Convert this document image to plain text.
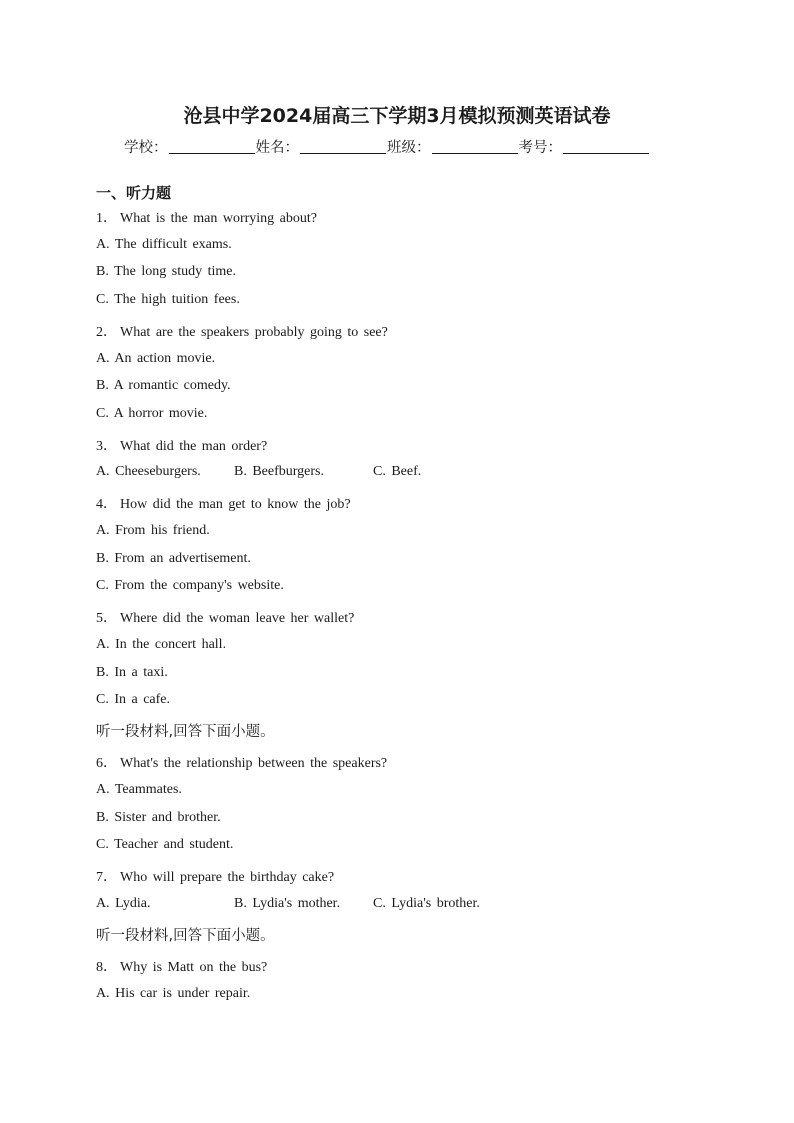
沧县中学2024届高三下学期3月模拟预测英语试卷
学校：	姓名：	班级：	考号：
一、听力题
1． What is the man worrying about?
A. The difficult exams.
B. The long study time.
C. The high tuition fees.
2． What are the speakers probably going to see?
A. An action movie.
B. A romantic comedy.
C. A horror movie.
3． What did the man order?
A. Cheeseburgers. B. Beefburgers.	C. Beef.
4． How did the man get to know the job?
A. From his friend.
B. From an advertisement.
C. From the company's website.
5． Where did the woman leave her wallet?
A. In the concert hall.
B. In a taxi.
C. In a cafe.
听一段材料,回答下面小题。
6． What's the relationship between the speakers?
A. Teammates.
B. Sister and brother.
C. Teacher and student.
7． Who will prepare the birthday cake?
A. Lydia.	B. Lydia's mother. C. Lydia's brother.
听一段材料,回答下面小题。
8． Why is Matt on the bus?
A. His car is under repair.
